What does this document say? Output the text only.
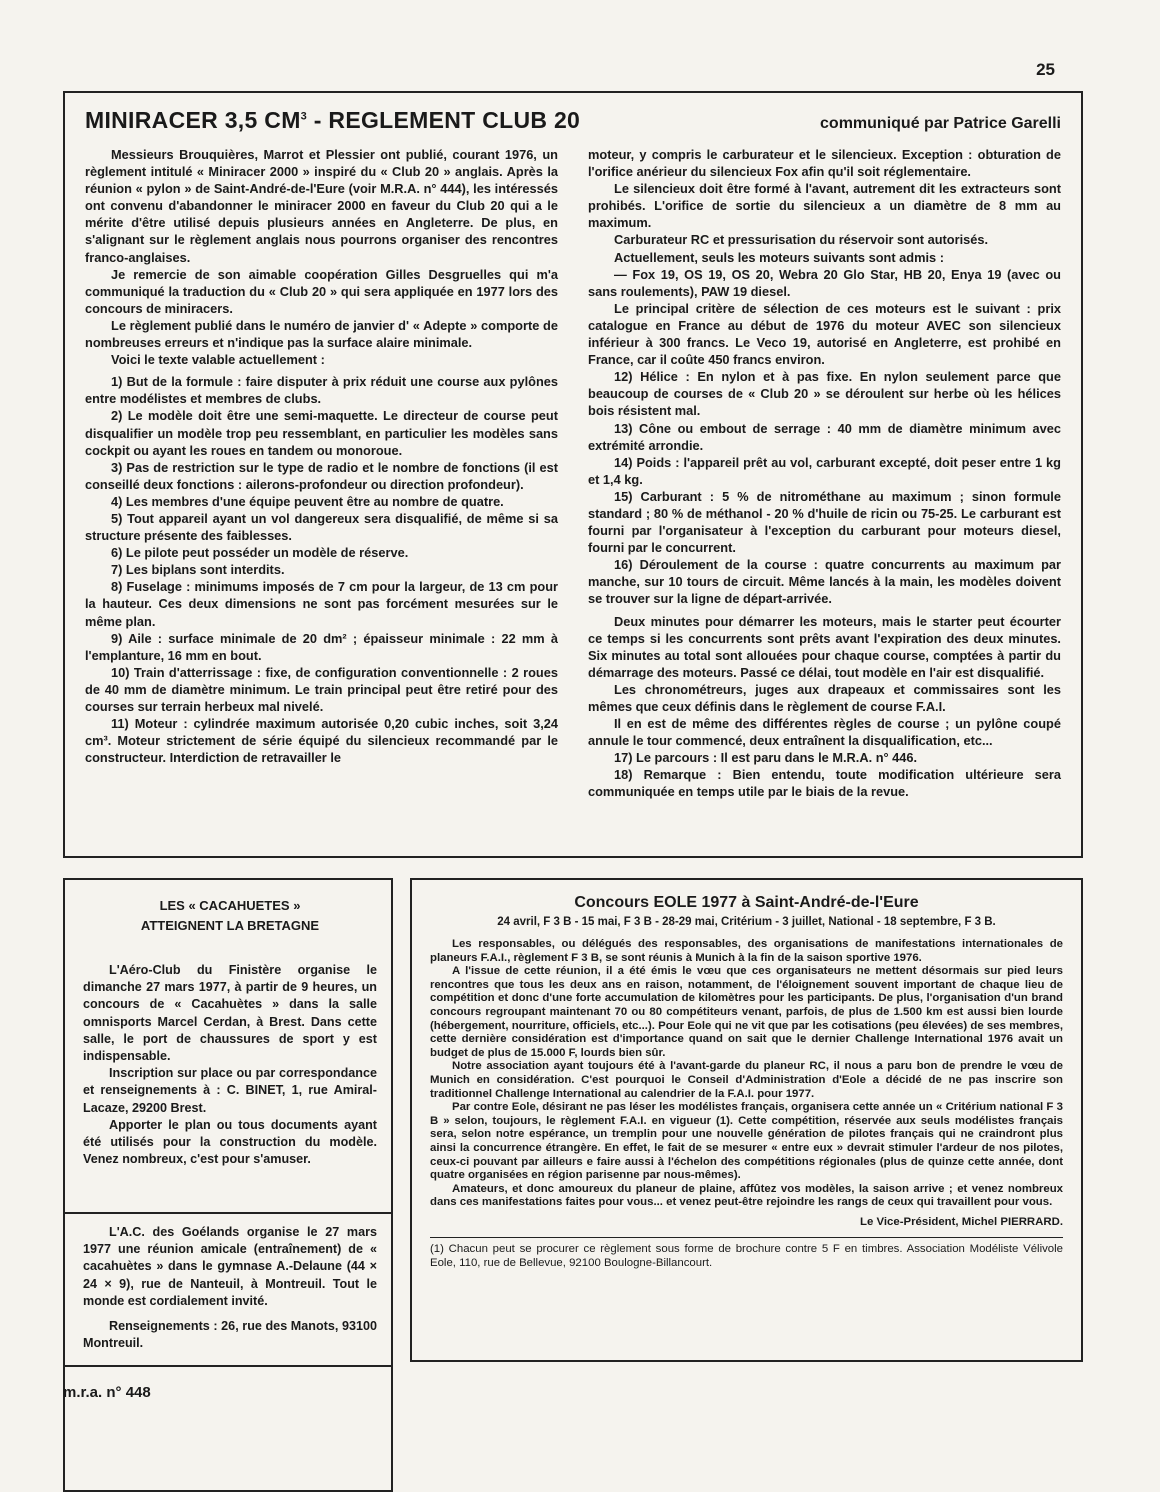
25
MINIRACER 3,5 $CM^3$ - REGLEMENT CLUB 20	communiqué par Patrice Garelli

Messieurs Brouquières, Marrot et Plessier ont publié, courant 1976, un règlement intitulé « Miniracer 2000 » inspiré du « Club 20 » anglais. Après la réunion « pylon » de Saint-André-de-l'Eure (voir M.R.A. n° 444), les intéressés ont convenu d'abandonner le miniracer 2000 en faveur du Club 20 qui a le mérite d'être utilisé depuis plusieurs années en Angleterre. De plus, en s'alignant sur le règlement anglais nous pourrons organiser des rencontres franco-anglaises.

Je remercie de son aimable coopération Gilles Desgruelles qui m'a communiqué la traduction du « Club 20 » qui sera appliquée en 1977 lors des concours de miniracers.

Le règlement publié dans le numéro de janvier d' « Adepte » comporte de nombreuses erreurs et n'indique pas la surface alaire minimale.

Voici le texte valable actuellement :

1) But de la formule : faire disputer à prix réduit une course aux pylônes entre modélistes et membres de clubs.

2) Le modèle doit être une semi-maquette. Le directeur de course peut disqualifier un modèle trop peu ressemblant, en particulier les modèles sans cockpit ou ayant les roues en tandem ou monoroue.

3) Pas de restriction sur le type de radio et le nombre de fonctions (il est conseillé deux fonctions : ailerons-profondeur ou direction profondeur).

4) Les membres d'une équipe peuvent être au nombre de quatre.

5) Tout appareil ayant un vol dangereux sera disqualifié, de même si sa structure présente des faiblesses.

6) Le pilote peut posséder un modèle de réserve.

7) Les biplans sont interdits.

8) Fuselage : minimums imposés de 7 cm pour la largeur, de 13 cm pour la hauteur. Ces deux dimensions ne sont pas forcément mesurées sur le même plan.

9) Aile : surface minimale de 20 dm² ; épaisseur minimale : 22 mm à l'emplanture, 16 mm en bout.

10) Train d'atterrissage : fixe, de configuration conventionnelle : 2 roues de 40 mm de diamètre minimum. Le train principal peut être retiré pour des courses sur terrain herbeux mal nivelé.

11) Moteur : cylindrée maximum autorisée 0,20 cubic inches, soit 3,24 cm³. Moteur strictement de série équipé du silencieux recommandé par le constructeur. Interdiction de retravailler le

moteur, y compris le carburateur et le silencieux. Exception : obturation de l'orifice anérieur du silencieux Fox afin qu'il soit réglementaire.

Le silencieux doit être formé à l'avant, autrement dit les extracteurs sont prohibés. L'orifice de sortie du silencieux a un diamètre de 8 mm au maximum.

Carburateur RC et pressurisation du réservoir sont autorisés.

Actuellement, seuls les moteurs suivants sont admis :

— Fox 19, OS 19, OS 20, Webra 20 Glo Star, HB 20, Enya 19 (avec ou sans roulements), PAW 19 diesel.

Le principal critère de sélection de ces moteurs est le suivant : prix catalogue en France au début de 1976 du moteur AVEC son silencieux inférieur à 300 francs. Le Veco 19, autorisé en Angleterre, est prohibé en France, car il coûte 450 francs environ.

12) Hélice : En nylon et à pas fixe. En nylon seulement parce que beaucoup de courses de « Club 20 » se déroulent sur herbe où les hélices bois résistent mal.

13) Cône ou embout de serrage : 40 mm de diamètre minimum avec extrémité arrondie.

14) Poids : l'appareil prêt au vol, carburant excepté, doit peser entre 1 kg et 1,4 kg.

15) Carburant : 5 % de nitrométhane au maximum ; sinon formule standard ; 80 % de méthanol - 20 % d'huile de ricin ou 75-25. Le carburant est fourni par l'organisateur à l'exception du carburant pour moteurs diesel, fourni par le concurrent.

16) Déroulement de la course : quatre concurrents au maximum par manche, sur 10 tours de circuit. Même lancés à la main, les modèles doivent se trouver sur la ligne de départ-arrivée.

Deux minutes pour démarrer les moteurs, mais le starter peut écourter ce temps si les concurrents sont prêts avant l'expiration des deux minutes. Six minutes au total sont allouées pour chaque course, comptées à partir du démarrage des moteurs. Passé ce délai, tout modèle en l'air est disqualifié.

Les chronométreurs, juges aux drapeaux et commissaires sont les mêmes que ceux définis dans le règlement de course F.A.I.

Il en est de même des différentes règles de course ; un pylône coupé annule le tour commencé, deux entraînent la disqualification, etc...

17) Le parcours : Il est paru dans le M.R.A. n° 446.

18) Remarque : Bien entendu, toute modification ultérieure sera communiquée en temps utile par le biais de la revue.

LES « CACAHUETES »
ATTEIGNENT LA BRETAGNE

L'Aéro-Club du Finistère organise le dimanche 27 mars 1977, à partir de 9 heures, un concours de « Cacahuètes » dans la salle omnisports Marcel Cerdan, à Brest. Dans cette salle, le port de chaussures de sport y est indispensable.

Inscription sur place ou par correspondance et renseignements à : C. BINET, 1, rue Amiral-Lacaze, 29200 Brest.

Apporter le plan ou tous documents ayant été utilisés pour la construction du modèle. Venez nombreux, c'est pour s'amuser.

L'A.C. des Goélands organise le 27 mars 1977 une réunion amicale (entraînement) de « cacahuètes » dans le gymnase A.-Delaune (44 × 24 × 9), rue de Nanteuil, à Montreuil. Tout le monde est cordialement invité.

Renseignements : 26, rue des Manots, 93100 Montreuil.

Concours EOLE 1977 à Saint-André-de-l'Eure
24 avril, F 3 B - 15 mai, F 3 B - 28-29 mai, Critérium - 3 juillet, National - 18 septembre, F 3 B.

Les responsables, ou délégués des responsables, des organisations de manifestations internationales de planeurs F.A.I., règlement F 3 B, se sont réunis à Munich à la fin de la saison sportive 1976.

A l'issue de cette réunion, il a été émis le vœu que ces organisateurs ne mettent désormais sur pied leurs rencontres que tous les deux ans en raison, notamment, de l'éloignement souvent important de chaque lieu de compétition et donc d'une forte accumulation de kilomètres pour les participants. De plus, l'organisation d'un brand concours regroupant maintenant 70 ou 80 compétiteurs venant, parfois, de plus de 1.500 km est aussi bien lourde (hébergement, nourriture, officiels, etc...). Pour Eole qui ne vit que par les cotisations (peu élevées) de ses membres, cette dernière considération est d'importance quand on sait que le dernier Challenge International 1976 avait un budget de plus de 15.000 F, lourds bien sûr.

Notre association ayant toujours été à l'avant-garde du planeur RC, il nous a paru bon de prendre le vœu de Munich en considération. C'est pourquoi le Conseil d'Administration d'Eole a décidé de ne pas inscrire son traditionnel Challenge International au calendrier de la F.A.I. pour 1977.

Par contre Eole, désirant ne pas léser les modélistes français, organisera cette année un « Critérium national F 3 B » selon, toujours, le règlement F.A.I. en vigueur (1). Cette compétition, réservée aux seuls modélistes français sera, selon notre espérance, un tremplin pour une nouvelle génération de pilotes français qui ne craindront plus ainsi la concurrence étrangère. En effet, le fait de se mesurer « entre eux » devrait stimuler l'ardeur de nos pilotes, ceux-ci pouvant par ailleurs e faire aussi à l'échelon des compétitions régionales (plus de quinze cette année, dont quatre organisées en région parisenne par nous-mêmes).

Amateurs, et donc amoureux du planeur de plaine, affûtez vos modèles, la saison arrive ; et venez nombreux dans ces manifestations faites pour vous... et venez peut-être rejoindre les rangs de ceux qui travaillent pour vous.

Le Vice-Président, Michel PIERRARD.

(1) Chacun peut se procurer ce règlement sous forme de brochure contre 5 F en timbres. Association Modéliste Vélivole Eole, 110, rue de Bellevue, 92100 Boulogne-Billancourt.
m.r.a. n° 448
